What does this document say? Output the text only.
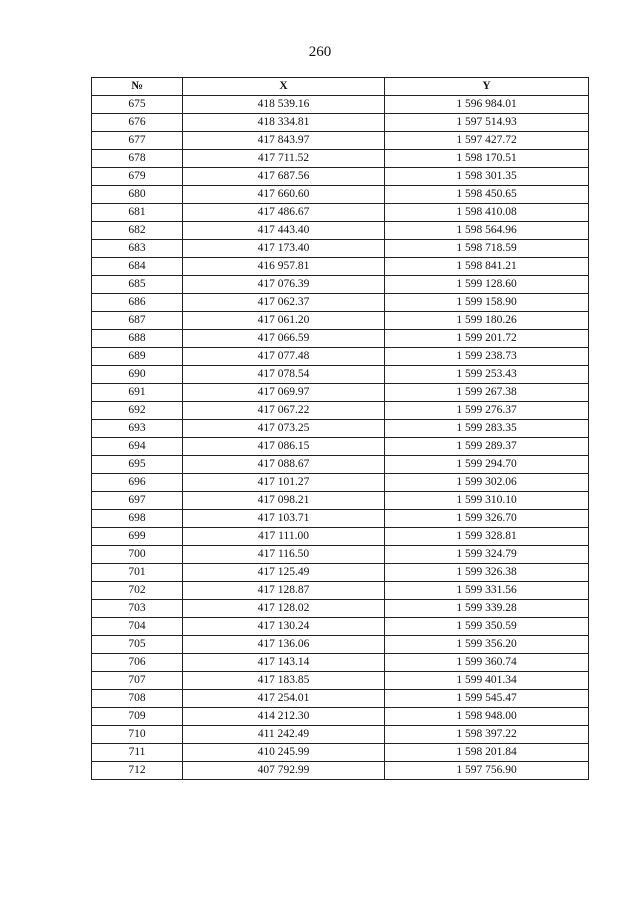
260
№	X	Y
675	418 539.16	1 596 984.01
676	418 334.81	1 597 514.93
677	417 843.97	1 597 427.72
678	417 711.52	1 598 170.51
679	417 687.56	1 598 301.35
680	417 660.60	1 598 450.65
681	417 486.67	1 598 410.08
682	417 443.40	1 598 564.96
683	417 173.40	1 598 718.59
684	416 957.81	1 598 841.21
685	417 076.39	1 599 128.60
686	417 062.37	1 599 158.90
687	417 061.20	1 599 180.26
688	417 066.59	1 599 201.72
689	417 077.48	1 599 238.73
690	417 078.54	1 599 253.43
691	417 069.97	1 599 267.38
692	417 067.22	1 599 276.37
693	417 073.25	1 599 283.35
694	417 086.15	1 599 289.37
695	417 088.67	1 599 294.70
696	417 101.27	1 599 302.06
697	417 098.21	1 599 310.10
698	417 103.71	1 599 326.70
699	417 111.00	1 599 328.81
700	417 116.50	1 599 324.79
701	417 125.49	1 599 326.38
702	417 128.87	1 599 331.56
703	417 128.02	1 599 339.28
704	417 130.24	1 599 350.59
705	417 136.06	1 599 356.20
706	417 143.14	1 599 360.74
707	417 183.85	1 599 401.34
708	417 254.01	1 599 545.47
709	414 212.30	1 598 948.00
710	411 242.49	1 598 397.22
711	410 245.99	1 598 201.84
712	407 792.99	1 597 756.90
